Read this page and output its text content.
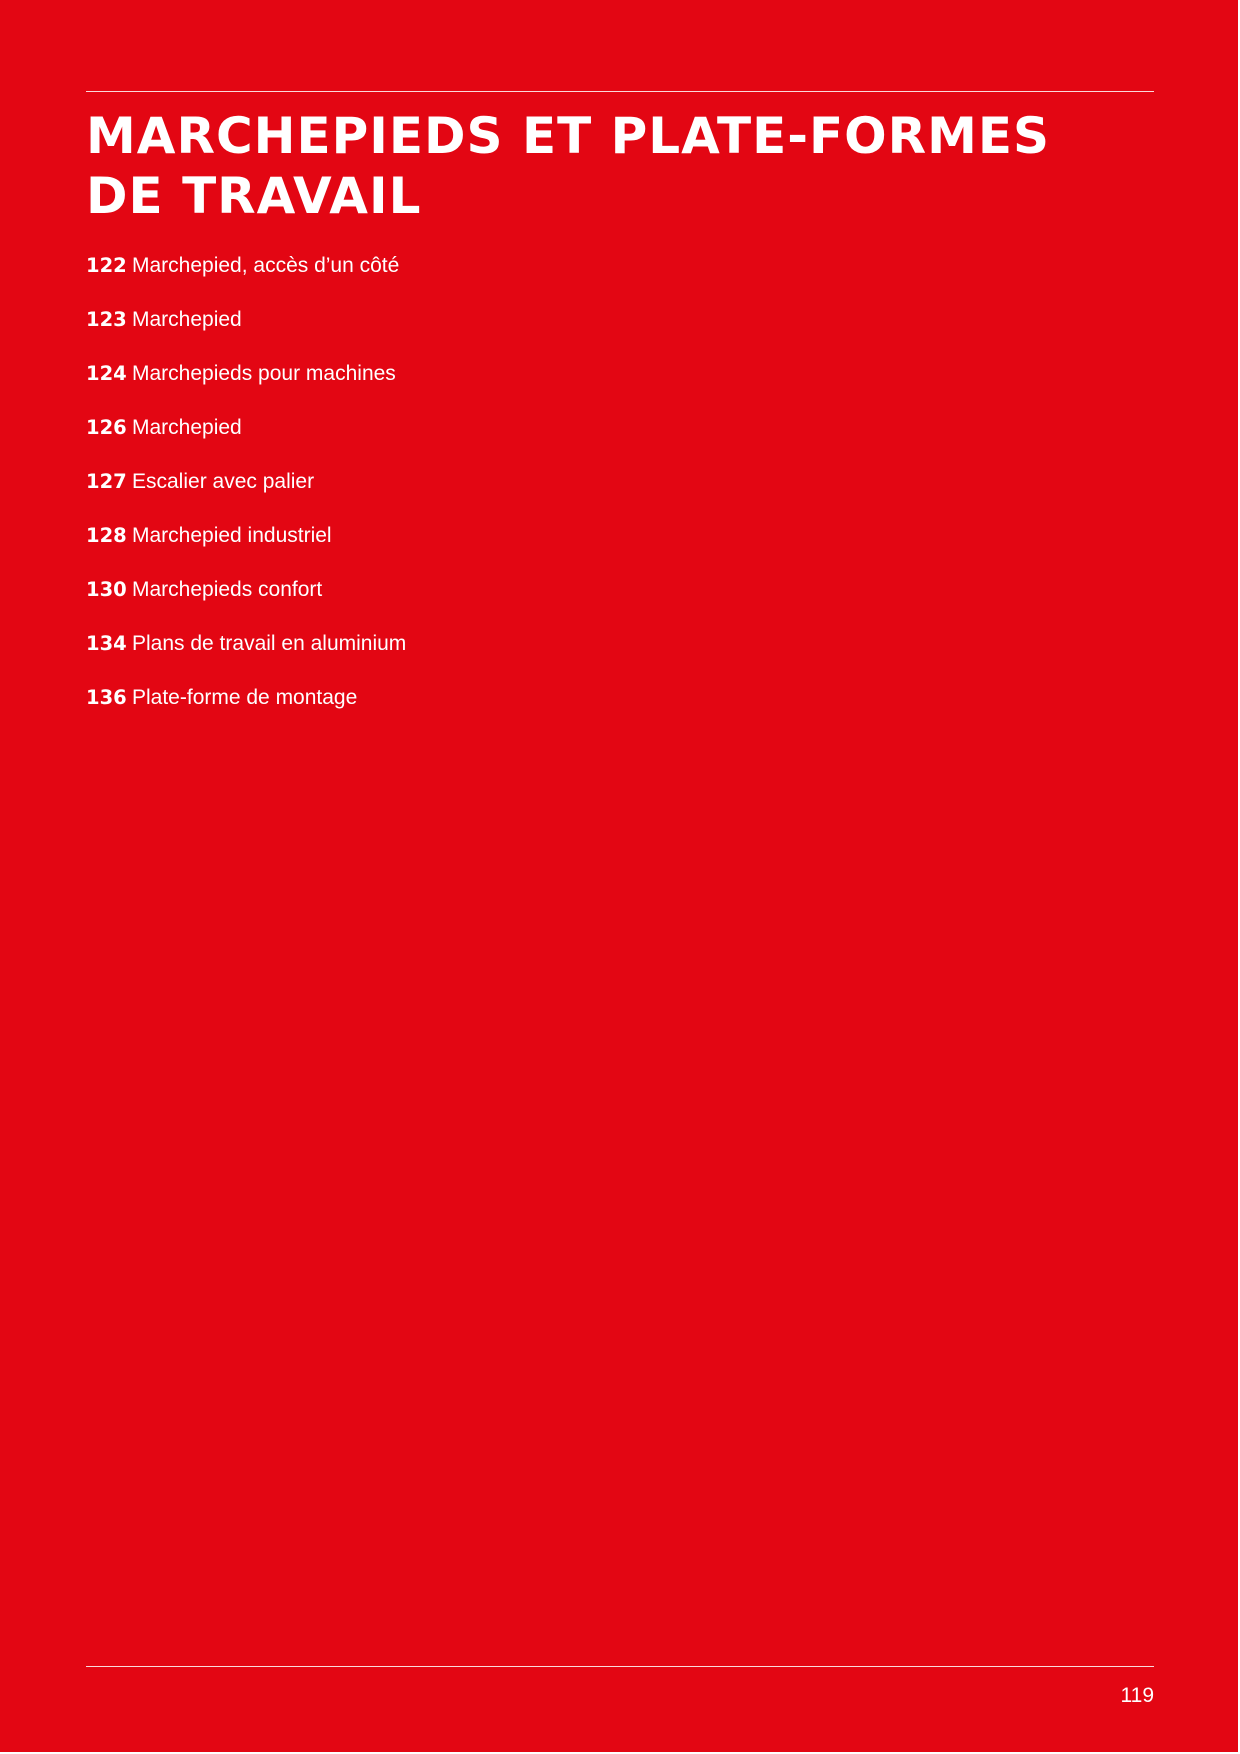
MARCHEPIEDS ET PLATE-FORMES
DE TRAVAIL
122 Marchepied, accès d’un côté
123 Marchepied
124 Marchepieds pour machines
126 Marchepied
127 Escalier avec palier
128 Marchepied industriel
130 Marchepieds confort
134 Plans de travail en aluminium
136 Plate-forme de montage
119
